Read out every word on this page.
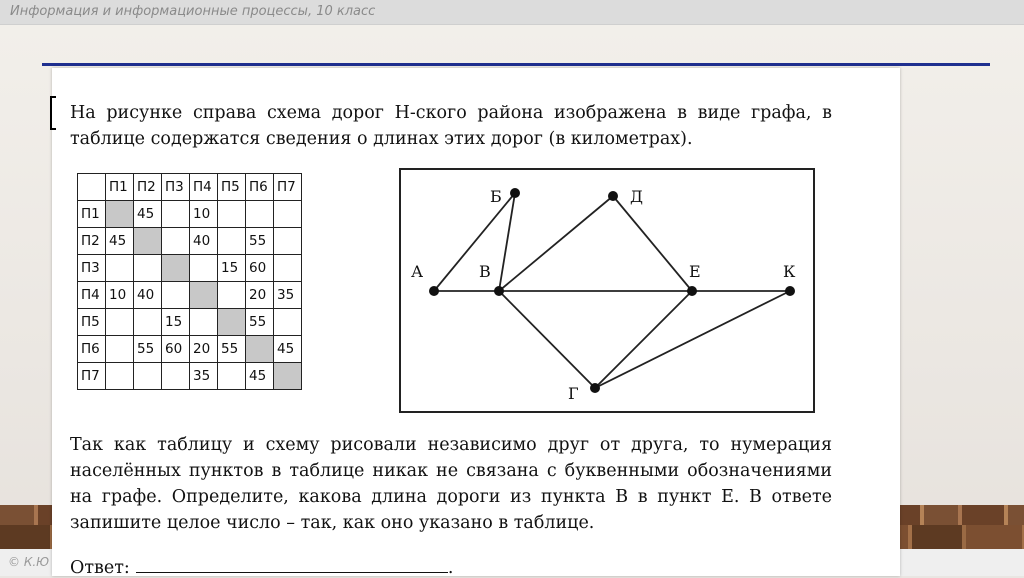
Информация и информационные процессы, 10 класс
© К.Ю
На рисунке справа схема дорог Н-ского района изображена в виде графа, в таблице содержатся сведения о длинах этих дорог (в километрах).
	П1	П2	П3	П4	П5	П6	П7
П1		45		10			
П2	45			40		55	
П3					15	60	
П4	10	40				20	35
П5			15			55	
П6		55	60	20	55		45
П7				35		45	
А
Б
В
Д
Е	К
Г
Так как таблицу и схему рисовали независимо друг от друга, то нумерация населённых пунктов в таблице никак не связана с буквенными обозначениями на графе. Определите, какова длина дороги из пункта В в пункт Е. В ответе запишите целое число – так, как оно указано в таблице.
Ответ:	.
